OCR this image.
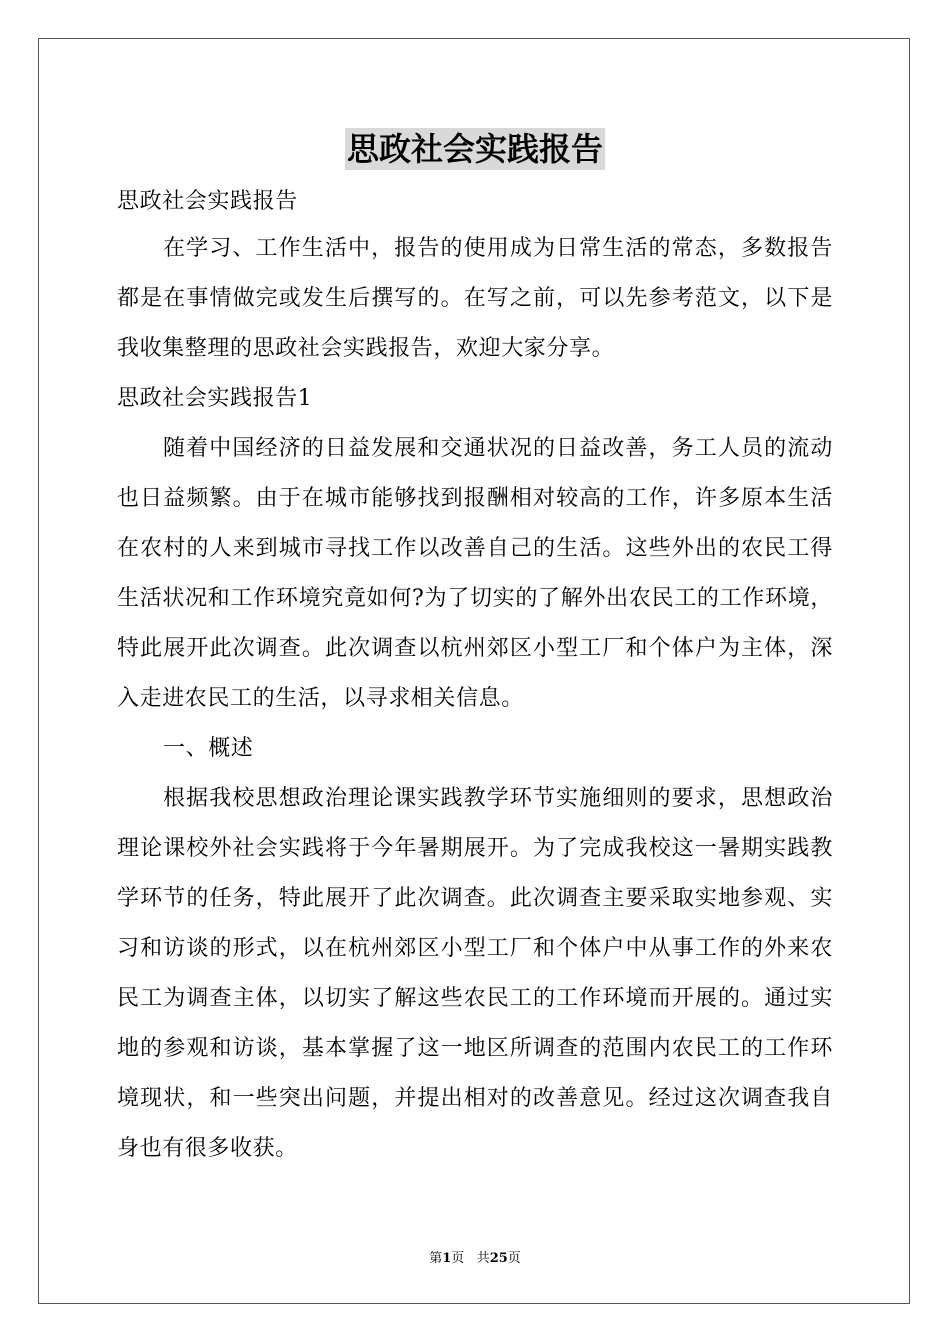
思政社会实践报告

思政社会实践报告

在学习、工作生活中，报告的使用成为日常生活的常态，多数报告都是在事情做完或发生后撰写的。在写之前，可以先参考范文，以下是我收集整理的思政社会实践报告，欢迎大家分享。

思政社会实践报告1

随着中国经济的日益发展和交通状况的日益改善，务工人员的流动也日益频繁。由于在城市能够找到报酬相对较高的工作，许多原本生活在农村的人来到城市寻找工作以改善自己的生活。这些外出的农民工得生活状况和工作环境究竟如何?为了切实的了解外出农民工的工作环境，特此展开此次调查。此次调查以杭州郊区小型工厂和个体户为主体，深入走进农民工的生活，以寻求相关信息。

一、概述

根据我校思想政治理论课实践教学环节实施细则的要求，思想政治理论课校外社会实践将于今年暑期展开。为了完成我校这一暑期实践教学环节的任务，特此展开了此次调查。此次调查主要采取实地参观、实习和访谈的形式，以在杭州郊区小型工厂和个体户中从事工作的外来农民工为调查主体，以切实了解这些农民工的工作环境而开展的。通过实地的参观和访谈，基本掌握了这一地区所调查的范围内农民工的工作环境现状，和一些突出问题，并提出相对的改善意见。经过这次调查我自身也有很多收获。

第1页 共25页
